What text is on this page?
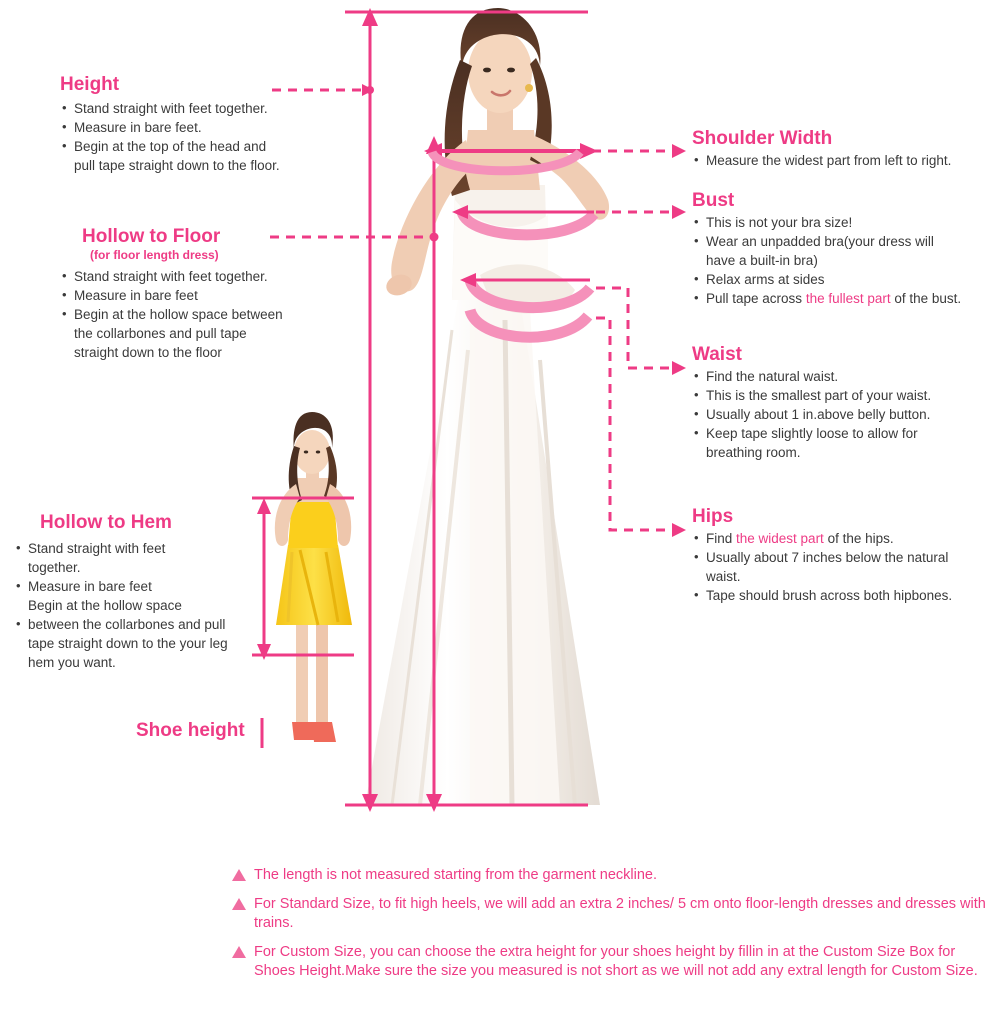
Height
• Stand straight with feet together.
• Measure in bare feet.
• Begin at the top of the head and
pull tape straight down to the floor.
Hollow to Floor
(for floor length dress)
• Stand straight with feet together.
• Measure in bare feet
• Begin at the hollow space between
the collarbones and pull tape
straight down to the floor
Hollow to Hem
• Stand straight with feet
together.
• Measure in bare feet
Begin at the hollow space
• between the collarbones and pull
tape straight down to the your leg
hem you want.
Shoe height
Shoulder Width
• Measure the widest part from left to right.
Bust
• This is not your bra size!
• Wear an unpadded bra(your dress will
have a built-in bra)
• Relax arms at sides
• Pull tape across the fullest part of the bust.
Waist
• Find the natural waist.
• This is the smallest part of your waist.
• Usually about 1 in.above belly button.
• Keep tape slightly loose to allow for
breathing room.
Hips
• Find the widest part of the hips.
• Usually about 7 inches below the natural
waist.
• Tape should brush across both hipbones.
The length is not measured starting from the garment neckline.
For Standard Size, to fit high heels, we will add an extra 2 inches/ 5 cm onto floor-length dresses and dresses with trains.
For Custom Size, you can choose the extra height for your shoes height by fillin in at the Custom Size Box for Shoes Height.Make sure the size you measured is not short as we will not add any extral length for Custom Size.
